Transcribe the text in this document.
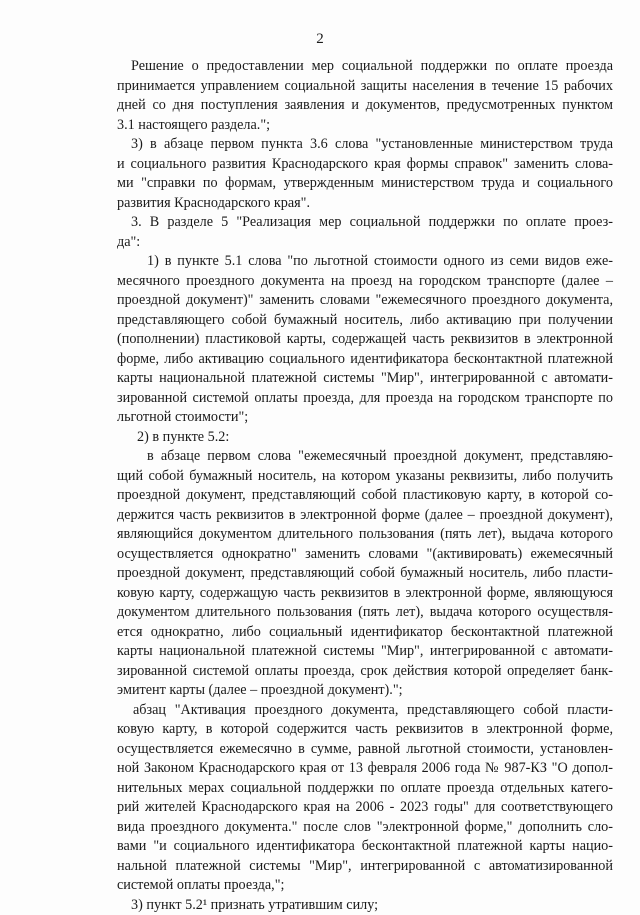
2

Решение о предоставлении мер социальной поддержки по оплате проезда

принимается управлением социальной защиты населения в течение 15 рабочих

дней со дня поступления заявления и документов, предусмотренных пунктом

3.1 настоящего раздела.";

3) в абзаце первом пункта 3.6 слова "установленные министерством труда

и социального развития Краснодарского края формы справок" заменить слова-

ми "справки по формам, утвержденным министерством труда и социального

развития Краснодарского края".

3. В разделе 5 "Реализация мер социальной поддержки по оплате проез-

да":

1) в пункте 5.1 слова "по льготной стоимости одного из семи видов ежe-

месячного проездного документа на проезд на городском транспорте (далее –

проездной документ)" заменить словами "ежемесячного проездного документа,

представляющего собой бумажный носитель, либо активацию при получении

(пополнении) пластиковой карты, содержащей часть реквизитов в электронной

форме, либо активацию социального идентификатора бесконтактной платежной

карты национальной платежной системы "Мир", интегрированной с автомати-

зированной системой оплаты проезда, для проезда на городском транспорте по

льготной стоимости";

2) в пункте 5.2:

в абзаце первом слова "ежемесячный проездной документ, представляю-

щий собой бумажный носитель, на котором указаны реквизиты, либо получить

проездной документ, представляющий собой пластиковую карту, в которой со-

держится часть реквизитов в электронной форме (далее – проездной документ),

являющийся документом длительного пользования (пять лет), выдача которого

осуществляется однократно" заменить словами "(активировать) ежемесячный

проездной документ, представляющий собой бумажный носитель, либо пласти-

ковую карту, содержащую часть реквизитов в электронной форме, являющуюся

документом длительного пользования (пять лет), выдача которого осуществля-

ется однократно, либо социальный идентификатор бесконтактной платежной

карты национальной платежной системы "Мир", интегрированной с автомати-

зированной системой оплаты проезда, срок действия которой определяет банк-

эмитент карты (далее – проездной документ).";

абзац "Активация проездного документа, представляющего собой пласти-

ковую карту, в которой содержится часть реквизитов в электронной форме,

осуществляется ежемесячно в сумме, равной льготной стоимости, установлен-

ной Законом Краснодарского края от 13 февраля 2006 года № 987-КЗ "О допол-

нительных мерах социальной поддержки по оплате проезда отдельных катего-

рий жителей Краснодарского края на 2006 - 2023 годы" для соответствующего

вида проездного документа." после слов "электронной форме," дополнить сло-

вами "и социального идентификатора бесконтактной платежной карты нацио-

нальной платежной системы "Мир", интегрированной с автоматизированной

системой оплаты проезда,";

3) пункт 5.2¹ признать утратившим силу;
